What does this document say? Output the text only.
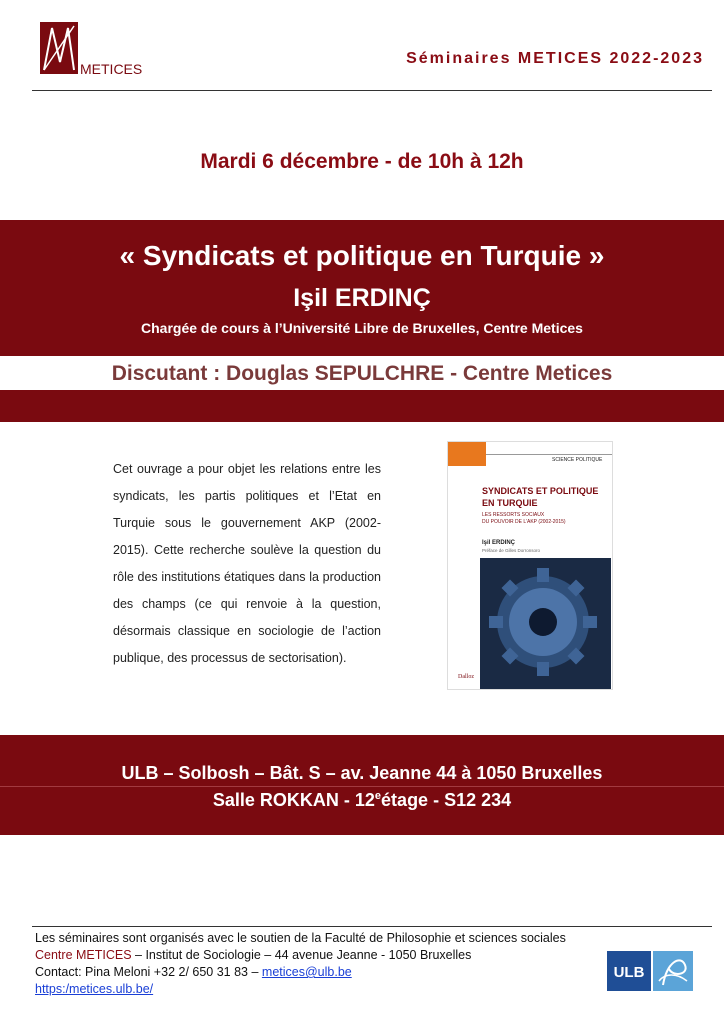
METICES
Séminaires METICES 2022-2023
Mardi 6 décembre - de 10h à 12h
« Syndicats et politique en Turquie »
Işil ERDINÇ
Chargée de cours à l’Université Libre de Bruxelles, Centre Metices
Discutant : Douglas SEPULCHRE - Centre Metices
Cet ouvrage a pour objet les relations entre les syndicats, les partis politiques et l’Etat en Turquie sous le gouvernement AKP (2002-2015). Cette recherche soulève la question du rôle des institutions étatiques dans la production des champs (ce qui renvoie à la question, désormais classique en sociologie de l’action publique, des processus de sectorisation).
SCIENCE POLITIQUE
SYNDICATS ET POLITIQUE
EN TURQUIE
LES RESSORTS SOCIAUX
DU POUVOIR DE L’AKP (2002-2015)
Işil ERDINÇ
Préface de Gilles Dorronsoro
Dalloz
ULB – Solbosh – Bât. S – av. Jeanne 44 à 1050 Bruxelles
Salle ROKKAN - 12eétage - S12 234
Les séminaires sont organisés avec le soutien de la Faculté de Philosophie et sciences sociales
Centre METICES – Institut de Sociologie – 44 avenue Jeanne - 1050 Bruxelles
Contact: Pina Meloni +32 2/ 650 31 83 – metices@ulb.be
https:/metices.ulb.be/
ULB
